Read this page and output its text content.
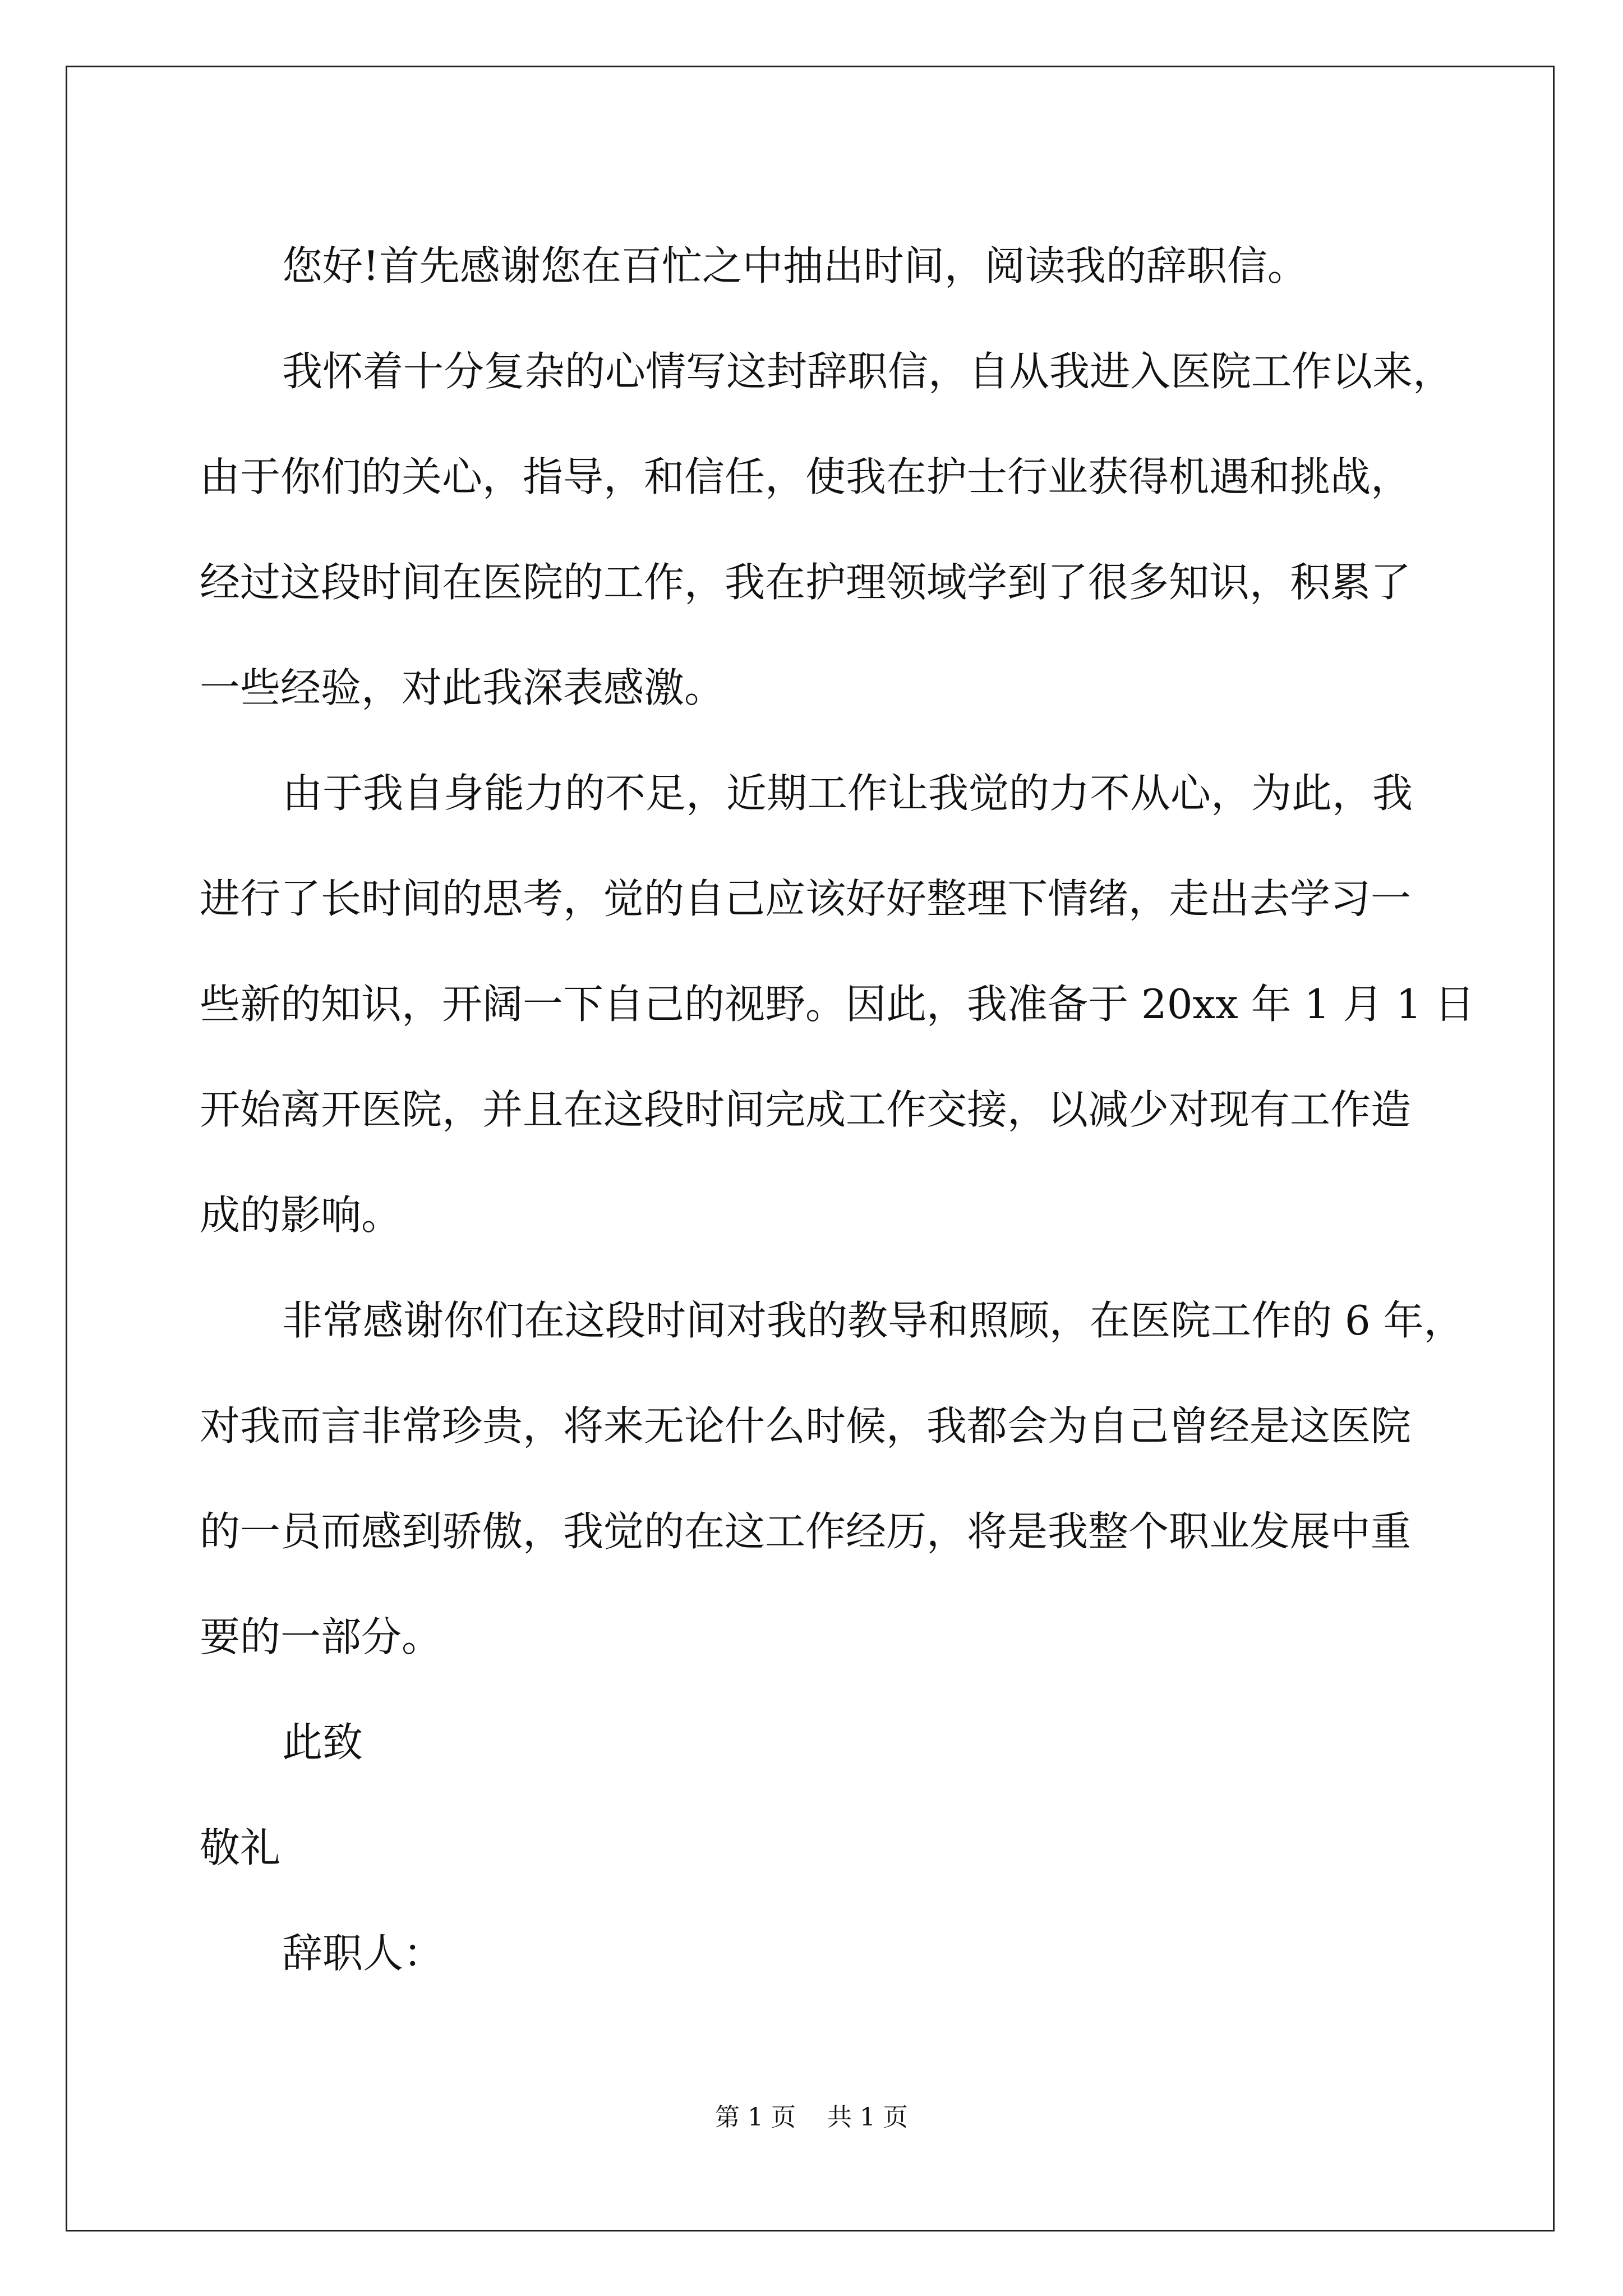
您好!首先感谢您在百忙之中抽出时间，阅读我的辞职信。

我怀着十分复杂的心情写这封辞职信，自从我进入医院工作以来，
由于你们的关心，指导，和信任，使我在护士行业获得机遇和挑战，
经过这段时间在医院的工作，我在护理领域学到了很多知识，积累了
一些经验，对此我深表感激。

由于我自身能力的不足，近期工作让我觉的力不从心，为此，我
进行了长时间的思考，觉的自己应该好好整理下情绪，走出去学习一
些新的知识，开阔一下自己的视野。因此，我准备于 20xx 年 1 月 1 日
开始离开医院，并且在这段时间完成工作交接，以减少对现有工作造
成的影响。

非常感谢你们在这段时间对我的教导和照顾，在医院工作的 6 年，
对我而言非常珍贵，将来无论什么时候，我都会为自己曾经是这医院
的一员而感到骄傲，我觉的在这工作经历，将是我整个职业发展中重
要的一部分。

此致

敬礼

辞职人：

第 1 页    共 1 页
